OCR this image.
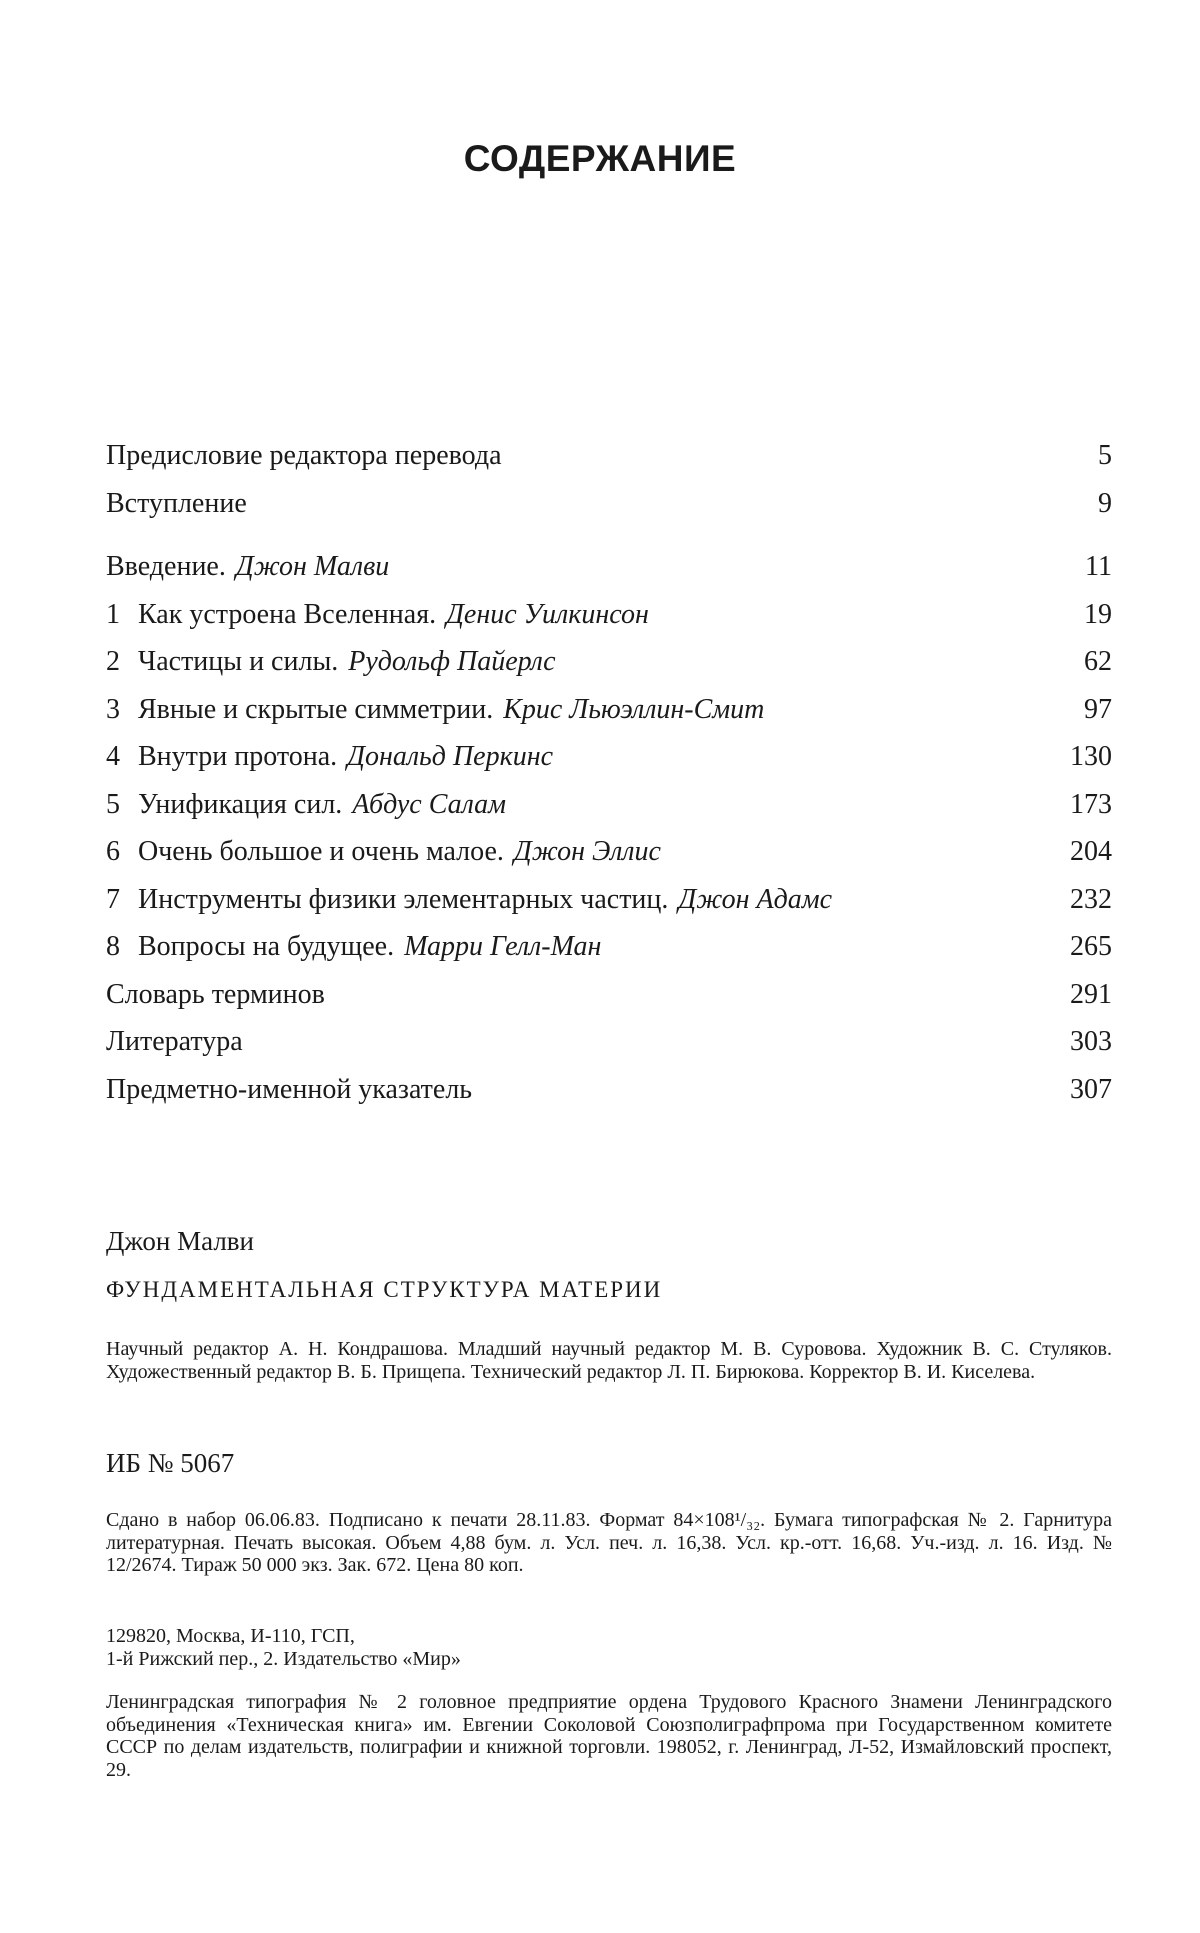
СОДЕРЖАНИЕ
Предисловие редактора перевода	5
Вступление	9
Введение. Джон Малви	11
1 Как устроена Вселенная. Денис Уилкинсон	19
2 Частицы и силы. Рудольф Пайерлс	62
3 Явные и скрытые симметрии. Крис Льюэллин-Смит	97
4 Внутри протона. Дональд Перкинс	130
5 Унификация сил. Абдус Салам	173
6 Очень большое и очень малое. Джон Эллис	204
7 Инструменты физики элементарных частиц. Джон Адамс	232
8 Вопросы на будущее. Марри Гелл-Ман	265
Словарь терминов	291
Литература	303
Предметно-именной указатель	307
Джон Малви
ФУНДАМЕНТАЛЬНАЯ СТРУКТУРА МАТЕРИИ
Научный редактор А. Н. Кондрашова. Младший научный редактор М. В. Суровова. Художник В. С. Стуляков. Художественный редактор В. Б. Прищепа. Технический редактор Л. П. Бирюкова. Корректор В. И. Киселева.
ИБ № 5067
Сдано в набор 06.06.83. Подписано к печати 28.11.83. Формат 84×108¹/₃₂. Бумага типографская № 2. Гарнитура литературная. Печать высокая. Объем 4,88 бум. л. Усл. печ. л. 16,38. Усл. кр.-отт. 16,68. Уч.-изд. л. 16. Изд. № 12/2674. Тираж 50 000 экз. Зак. 672. Цена 80 коп.
129820, Москва, И-110, ГСП,
1-й Рижский пер., 2. Издательство «Мир»
Ленинградская типография № 2 головное предприятие ордена Трудового Красного Знамени Ленинградского объединения «Техническая книга» им. Евгении Соколовой Союзполиграфпрома при Государственном комитете СССР по делам издательств, полиграфии и книжной торговли. 198052, г. Ленинград, Л-52, Измайловский проспект, 29.
